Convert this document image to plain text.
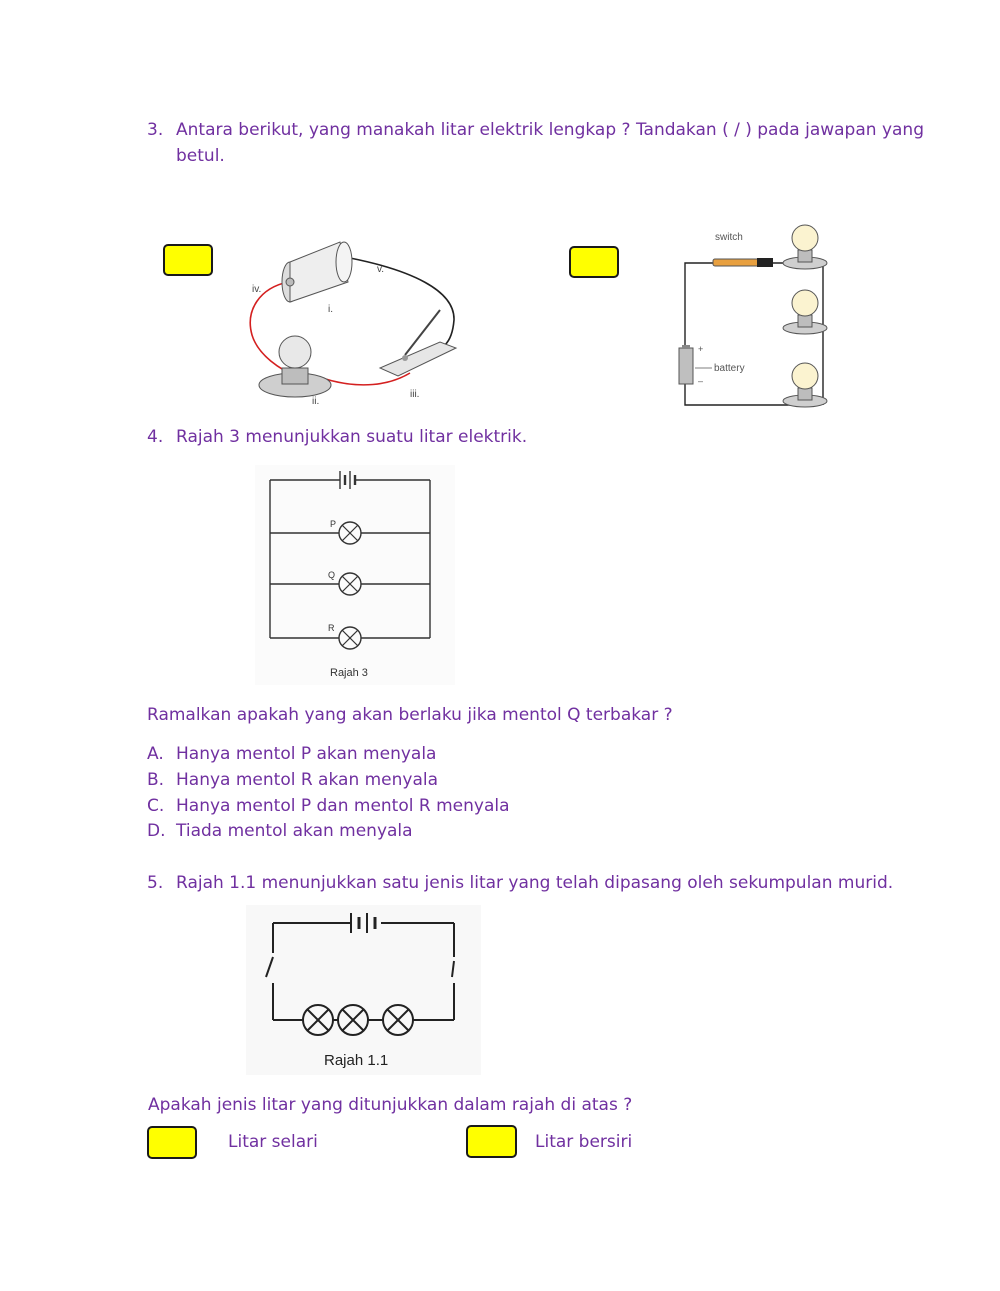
3. Antara berikut, yang manakah litar elektrik lengkap ? Tandakan ( / ) pada jawapan yang
betul.
iv.
i.
v.
ii.
iii.
switch
+
–
battery
4. Rajah 3 menunjukkan suatu litar elektrik.
P
Q
R
Rajah 3
Ramalkan apakah yang akan berlaku jika mentol Q terbakar ?
A. Hanya mentol P akan menyala
B. Hanya mentol R akan menyala
C. Hanya mentol P dan mentol R menyala
D. Tiada mentol akan menyala
5. Rajah 1.1 menunjukkan satu jenis litar yang telah dipasang oleh sekumpulan murid.
Rajah 1.1
Apakah jenis litar yang ditunjukkan dalam rajah di atas ?
Litar selari	Litar bersiri
